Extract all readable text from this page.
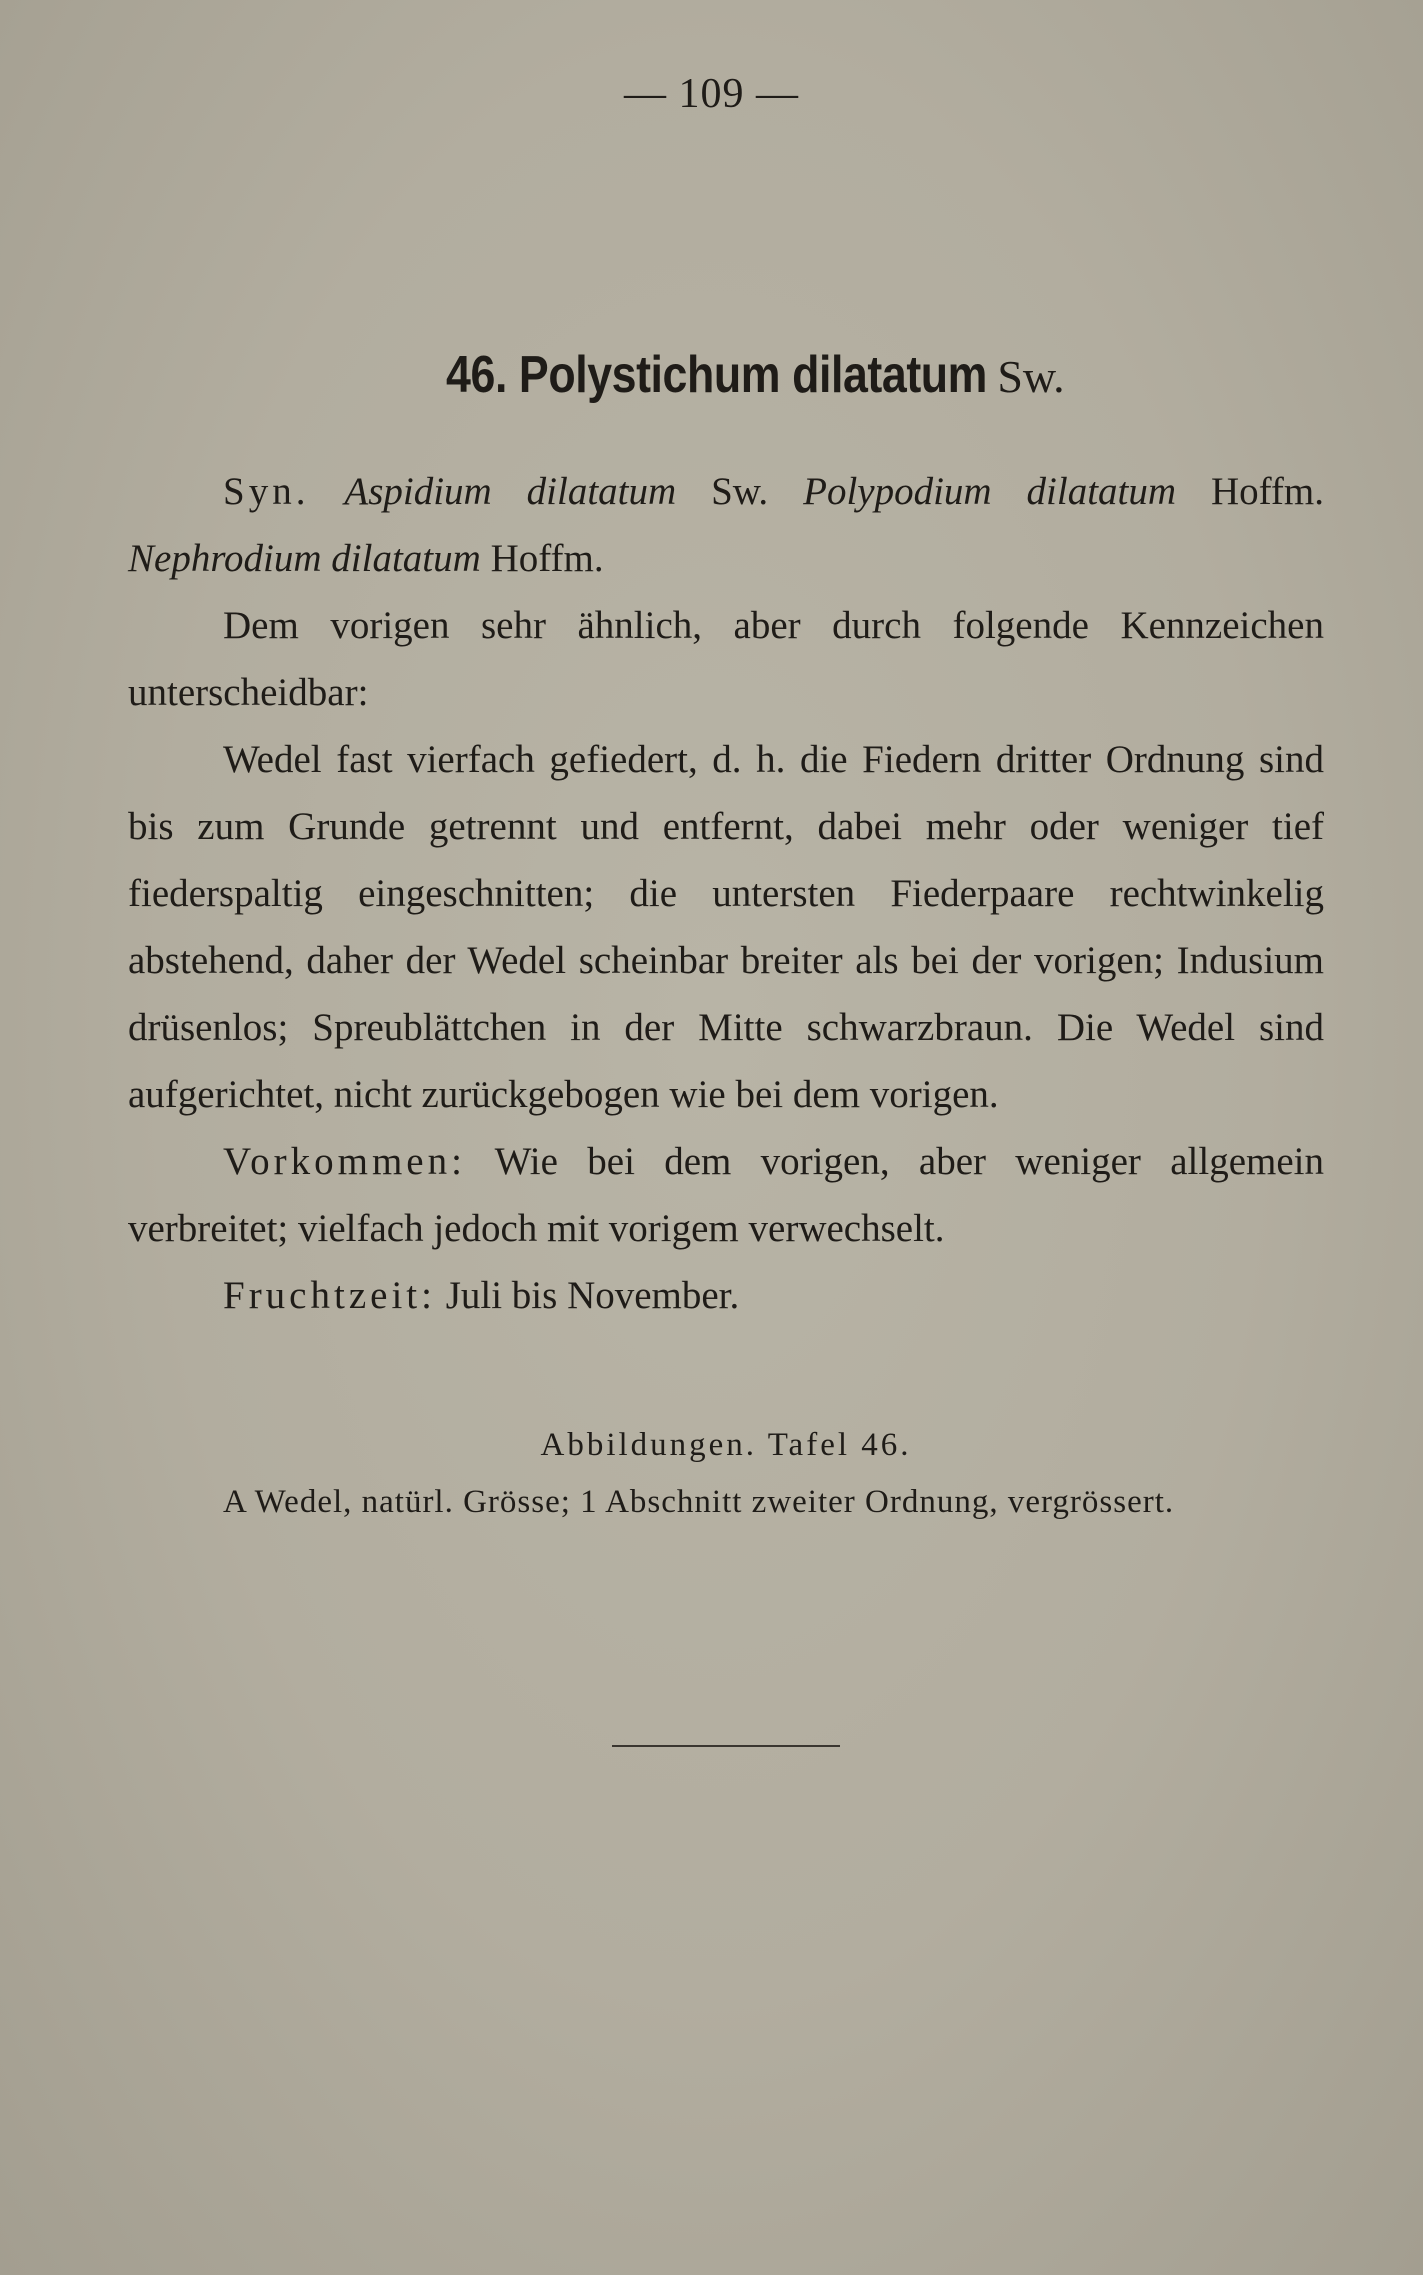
— 109 —
46. Polystichum dilatatum Sw.

Syn. Aspidium dilatatum Sw. Polypodium dilatatum Hoffm. Nephrodium dilatatum Hoffm.

Dem vorigen sehr ähnlich, aber durch folgende Kennzeichen unterscheidbar:

Wedel fast vierfach gefiedert, d. h. die Fiedern dritter Ordnung sind bis zum Grunde getrennt und entfernt, dabei mehr oder weniger tief fiederspaltig eingeschnitten; die untersten Fiederpaare rechtwinkelig abstehend, daher der Wedel scheinbar breiter als bei der vorigen; Indusium drüsenlos; Spreublättchen in der Mitte schwarzbraun. Die Wedel sind aufgerichtet, nicht zurückgebogen wie bei dem vorigen.

Vorkommen: Wie bei dem vorigen, aber weniger allgemein verbreitet; vielfach jedoch mit vorigem verwechselt.

Fruchtzeit: Juli bis November.

Abbildungen. Tafel 46.

A Wedel, natürl. Grösse; 1 Abschnitt zweiter Ordnung, vergrössert.
